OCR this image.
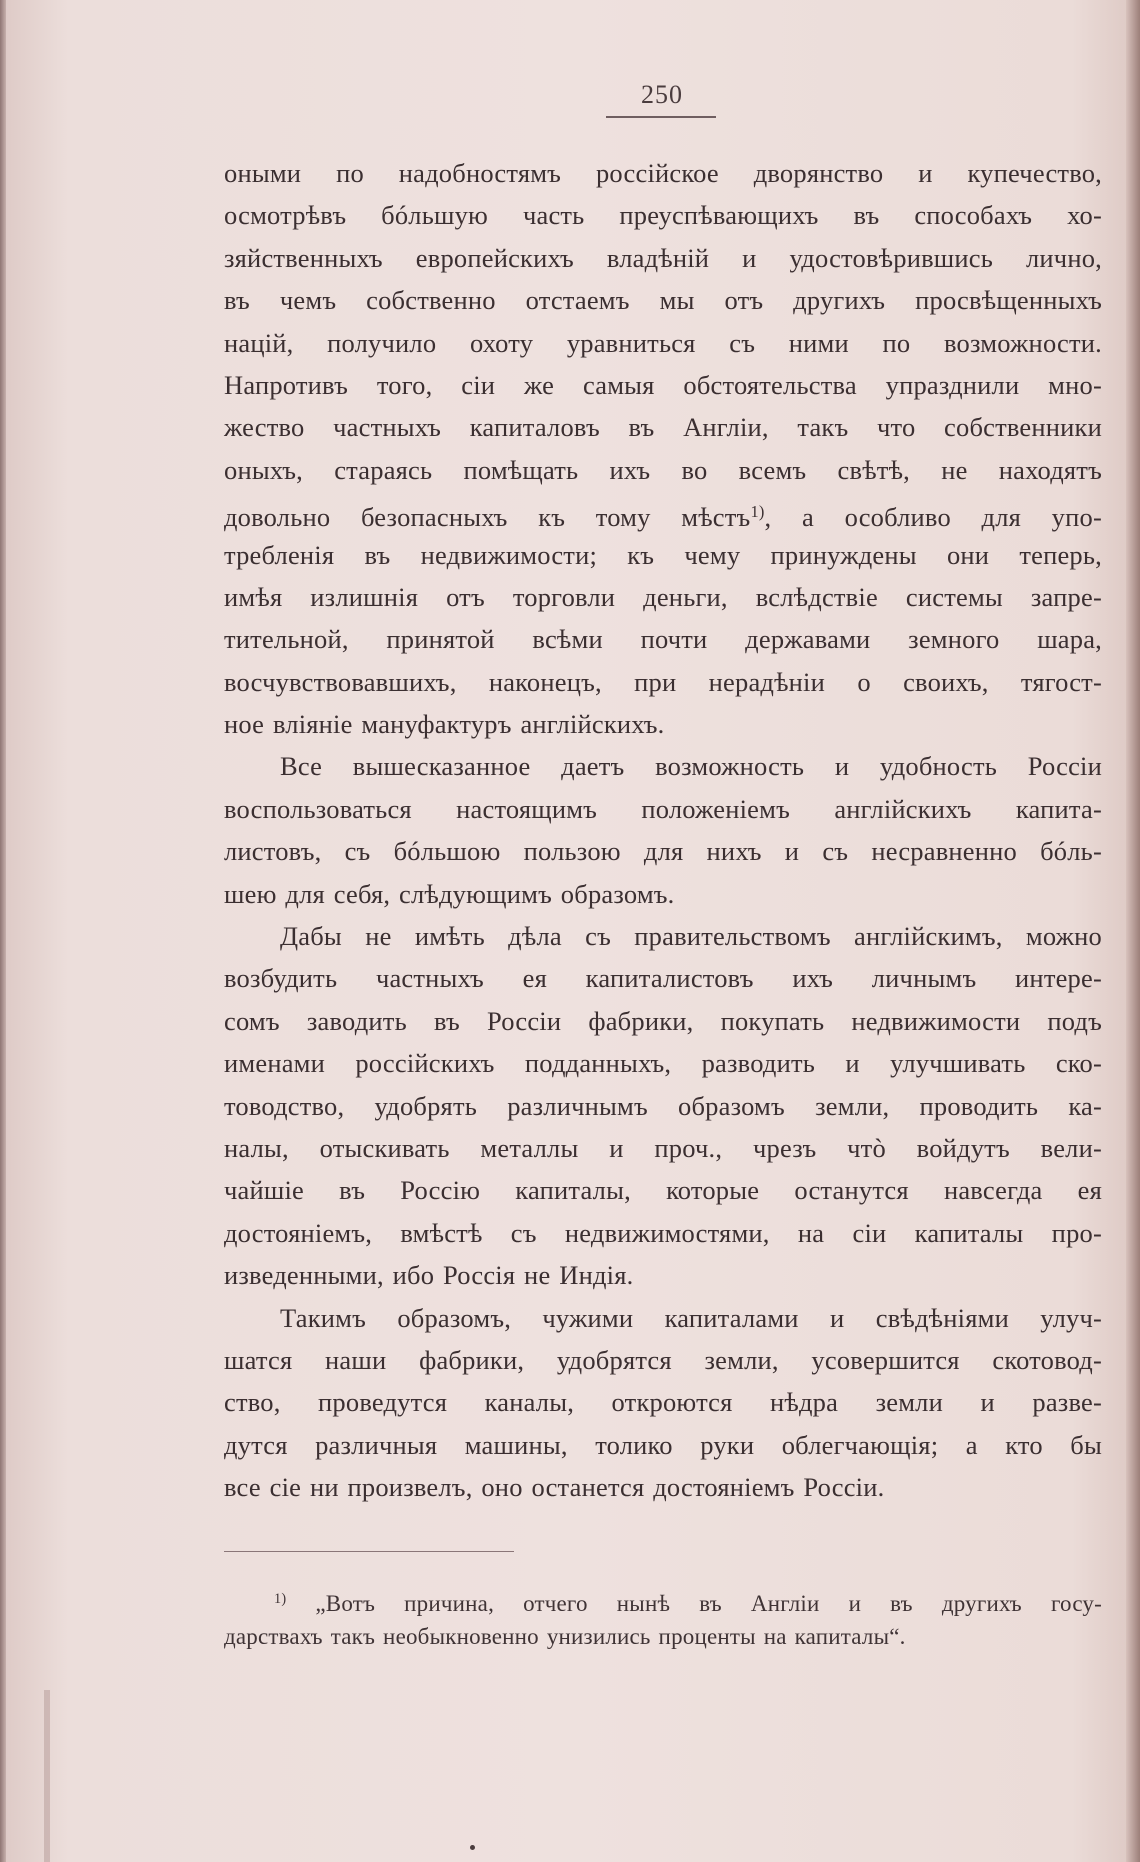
250
оными по надобностямъ россійское дворянство и купечество,
осмотрѣвъ бóльшую часть преуспѣвающихъ въ способахъ хо-
зяйственныхъ европейскихъ владѣній и удостовѣрившись лично,
въ чемъ собственно отстаемъ мы отъ другихъ просвѣщенныхъ
націй, получило охоту уравниться съ ними по возможности.
Напротивъ того, сіи же самыя обстоятельства упразднили мно-
жество частныхъ капиталовъ въ Англіи, такъ что собственники
оныхъ, стараясь помѣщать ихъ во всемъ свѣтѣ, не находятъ
довольно безопасныхъ къ тому мѣстъ$^{1)}$, а особливо для упо-
требленія въ недвижимости; къ чему принуждены они теперь,
имѣя излишнія отъ торговли деньги, вслѣдствіе системы запре-
тительной, принятой всѣми почти державами земного шара,
восчувствовавшихъ, наконецъ, при нерадѣніи о своихъ, тягост-
ное вліяніе мануфактуръ англійскихъ.
Все вышесказанное даетъ возможность и удобность Россіи
воспользоваться настоящимъ положеніемъ англійскихъ капита-
листовъ, съ бóльшою пользою для нихъ и съ несравненно бóль-
шею для себя, слѣдующимъ образомъ.
Дабы не имѣть дѣла съ правительствомъ англійскимъ, можно
возбудить частныхъ ея капиталистовъ ихъ личнымъ интере-
сомъ заводить въ Россіи фабрики, покупать недвижимости подъ
именами россійскихъ подданныхъ, разводить и улучшивать ско-
товодство, удобрять различнымъ образомъ земли, проводить ка-
налы, отыскивать металлы и проч., чрезъ чтò войдутъ вели-
чайшіе въ Россію капиталы, которые останутся навсегда ея
достояніемъ, вмѣстѣ съ недвижимостями, на сіи капиталы про-
изведенными, ибо Россія не Индія.
Такимъ образомъ, чужими капиталами и свѣдѣніями улуч-
шатся наши фабрики, удобрятся земли, усовершится скотовод-
ство, проведутся каналы, откроются нѣдра земли и разве-
дутся различныя машины, толико руки облегчающія; а кто бы
все сіе ни произвелъ, оно останется достояніемъ Россіи.
$^{1)}$ „Вотъ причина, отчего нынѣ въ Англіи и въ другихъ госу-
дарствахъ такъ необыкновенно унизились проценты на капиталы“.
